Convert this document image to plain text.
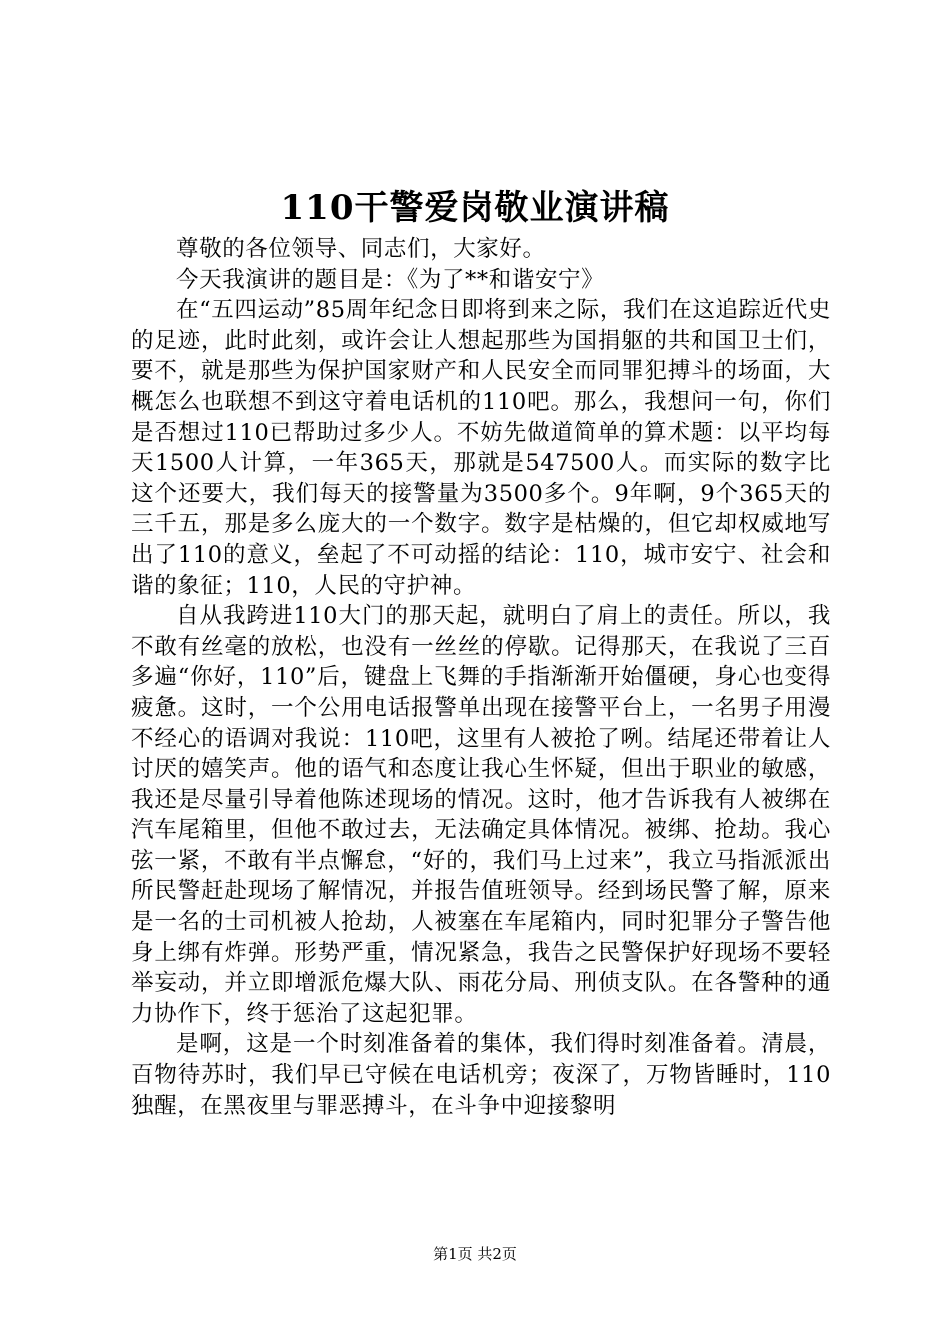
110干警爱岗敬业演讲稿

尊敬的各位领导、同志们，大家好。

今天我演讲的题目是：《为了**和谐安宁》

在“五四运动”85周年纪念日即将到来之际，我们在这追踪近代史的足迹，此时此刻，或许会让人想起那些为国捐躯的共和国卫士们，要不，就是那些为保护国家财产和人民安全而同罪犯搏斗的场面，大概怎么也联想不到这守着电话机的110吧。那么，我想问一句，你们是否想过110已帮助过多少人。不妨先做道简单的算术题：以平均每天1500人计算，一年365天，那就是547500人。而实际的数字比这个还要大，我们每天的接警量为3500多个。9年啊，9个365天的三千五，那是多么庞大的一个数字。数字是枯燥的，但它却权威地写出了110的意义，垒起了不可动摇的结论：110，城市安宁、社会和谐的象征；110，人民的守护神。

自从我跨进110大门的那天起，就明白了肩上的责任。所以，我不敢有丝毫的放松，也没有一丝丝的停歇。记得那天，在我说了三百多遍“你好，110”后，键盘上飞舞的手指渐渐开始僵硬，身心也变得疲惫。这时，一个公用电话报警单出现在接警平台上，一名男子用漫不经心的语调对我说：110吧，这里有人被抢了咧。结尾还带着让人讨厌的嬉笑声。他的语气和态度让我心生怀疑，但出于职业的敏感，我还是尽量引导着他陈述现场的情况。这时，他才告诉我有人被绑在汽车尾箱里，但他不敢过去，无法确定具体情况。被绑、抢劫。我心弦一紧，不敢有半点懈怠，“好的，我们马上过来”，我立马指派派出所民警赶赴现场了解情况，并报告值班领导。经到场民警了解，原来是一名的士司机被人抢劫，人被塞在车尾箱内，同时犯罪分子警告他身上绑有炸弹。形势严重，情况紧急，我告之民警保护好现场不要轻举妄动，并立即增派危爆大队、雨花分局、刑侦支队。在各警种的通力协作下，终于惩治了这起犯罪。

是啊，这是一个时刻准备着的集体，我们得时刻准备着。清晨，百物待苏时，我们早已守候在电话机旁；夜深了，万物皆睡时，110独醒，在黑夜里与罪恶搏斗，在斗争中迎接黎明

第1页 共2页
